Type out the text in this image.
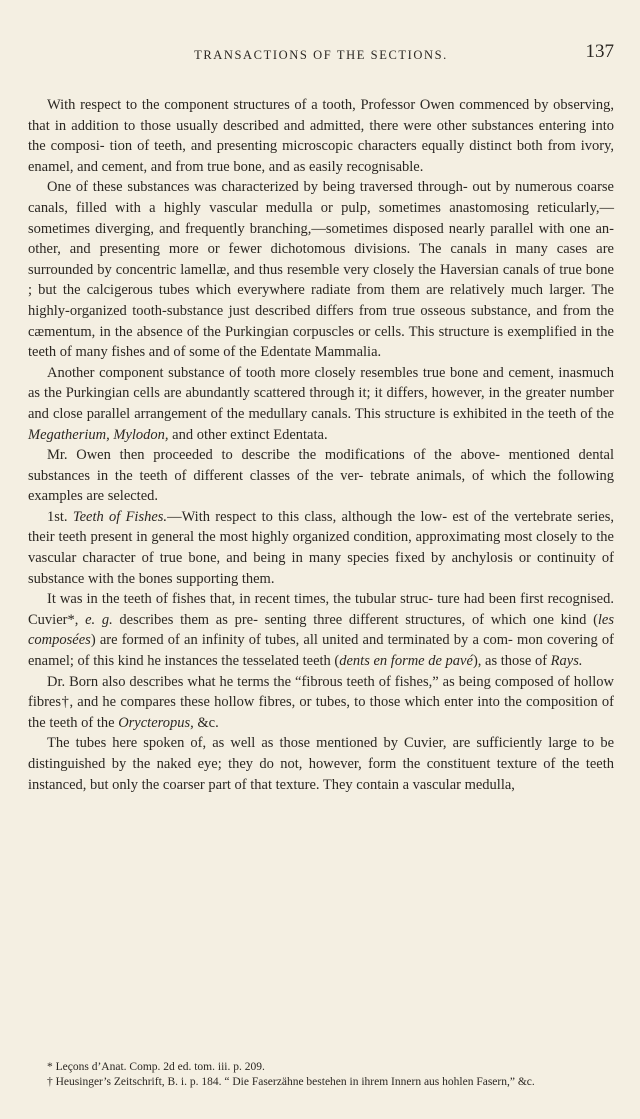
TRANSACTIONS OF THE SECTIONS.	137

With respect to the component structures of a tooth, Professor Owen commenced by observing, that in addition to those usually described and admitted, there were other substances entering into the composi- tion of teeth, and presenting microscopic characters equally distinct both from ivory, enamel, and cement, and from true bone, and as easily recognisable.

One of these substances was characterized by being traversed through- out by numerous coarse canals, filled with a highly vascular medulla or pulp, sometimes anastomosing reticularly,—sometimes diverging, and frequently branching,—sometimes disposed nearly parallel with one an- other, and presenting more or fewer dichotomous divisions. The canals in many cases are surrounded by concentric lamellæ, and thus resemble very closely the Haversian canals of true bone ; but the calcigerous tubes which everywhere radiate from them are relatively much larger. The highly-organized tooth-substance just described differs from true osseous substance, and from the cæmentum, in the absence of the Purkingian corpuscles or cells. This structure is exemplified in the teeth of many fishes and of some of the Edentate Mammalia.

Another component substance of tooth more closely resembles true bone and cement, inasmuch as the Purkingian cells are abundantly scattered through it; it differs, however, in the greater number and close parallel arrangement of the medullary canals. This structure is exhibited in the teeth of the Megatherium, Mylodon, and other extinct Edentata.

Mr. Owen then proceeded to describe the modifications of the above- mentioned dental substances in the teeth of different classes of the ver- tebrate animals, of which the following examples are selected.

1st. Teeth of Fishes.—With respect to this class, although the low- est of the vertebrate series, their teeth present in general the most highly organized condition, approximating most closely to the vascular character of true bone, and being in many species fixed by anchylosis or continuity of substance with the bones supporting them.

It was in the teeth of fishes that, in recent times, the tubular struc- ture had been first recognised. Cuvier*, e. g. describes them as pre- senting three different structures, of which one kind (les composées) are formed of an infinity of tubes, all united and terminated by a com- mon covering of enamel; of this kind he instances the tesselated teeth (dents en forme de pavé), as those of Rays.

Dr. Born also describes what he terms the “fibrous teeth of fishes,” as being composed of hollow fibres†, and he compares these hollow fibres, or tubes, to those which enter into the composition of the teeth of the Orycteropus, &c.

The tubes here spoken of, as well as those mentioned by Cuvier, are sufficiently large to be distinguished by the naked eye; they do not, however, form the constituent texture of the teeth instanced, but only the coarser part of that texture. They contain a vascular medulla,

* Leçons d’Anat. Comp. 2d ed. tom. iii. p. 209.

† Heusinger’s Zeitschrift, B. i. p. 184. “ Die Faserzähne bestehen in ihrem Innern aus hohlen Fasern,” &c.
